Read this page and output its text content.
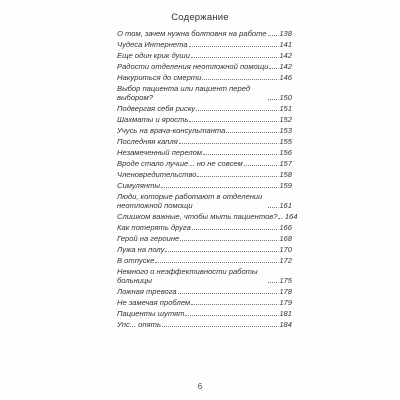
Содержание
О том, зачем нужна болтовня на работе 138
Чудеса Интернета	141
Еще один крик души	142
Радости отделения неотложной помощи 142
Накуриться до смерти	146
Выбор пациента или пациент перед выбором?	150
Подвергая себя риску	151
Шахматы и ярость	152
Учусь на врача-консультанта	153
Последняя капля	155
Незамеченный перелом	156
Вроде стало лучше... но не совсем	157
Членовредительство	158
Симулянты	159
Люди, которые работают в отделении неотложной помощи	161
Слишком важные, чтобы мыть пациентов? 164
Как потерять друга	166
Герой на героине	168
Лужа на полу	170
В отпуске	172
Немного о неэффективности работы больницы	175
Ложная тревога	178
Не замечая проблем	179
Пациенты шутят	181
Упс... опять	184
6
